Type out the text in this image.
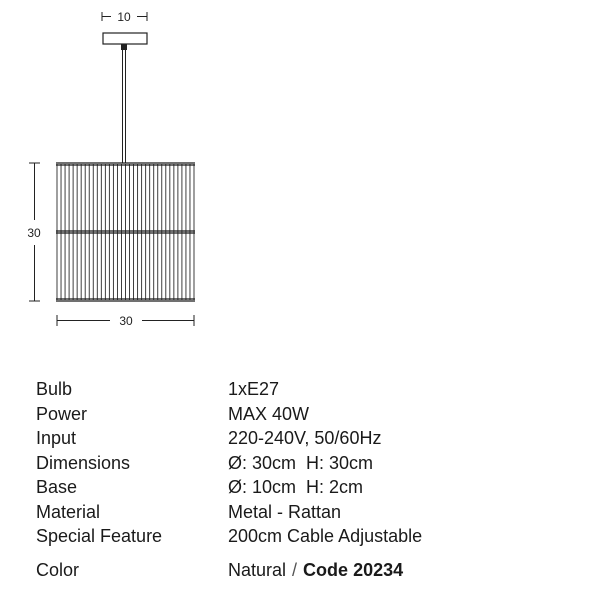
10
30
30
Bulb	1xE27
Power	MAX 40W
Input	220-240V, 50/60Hz
Dimensions	Ø: 30cm  H: 30cm
Base	Ø: 10cm  H: 2cm
Material	Metal - Rattan
Special Feature	200cm Cable Adjustable
Color	Natural / Code 20234
